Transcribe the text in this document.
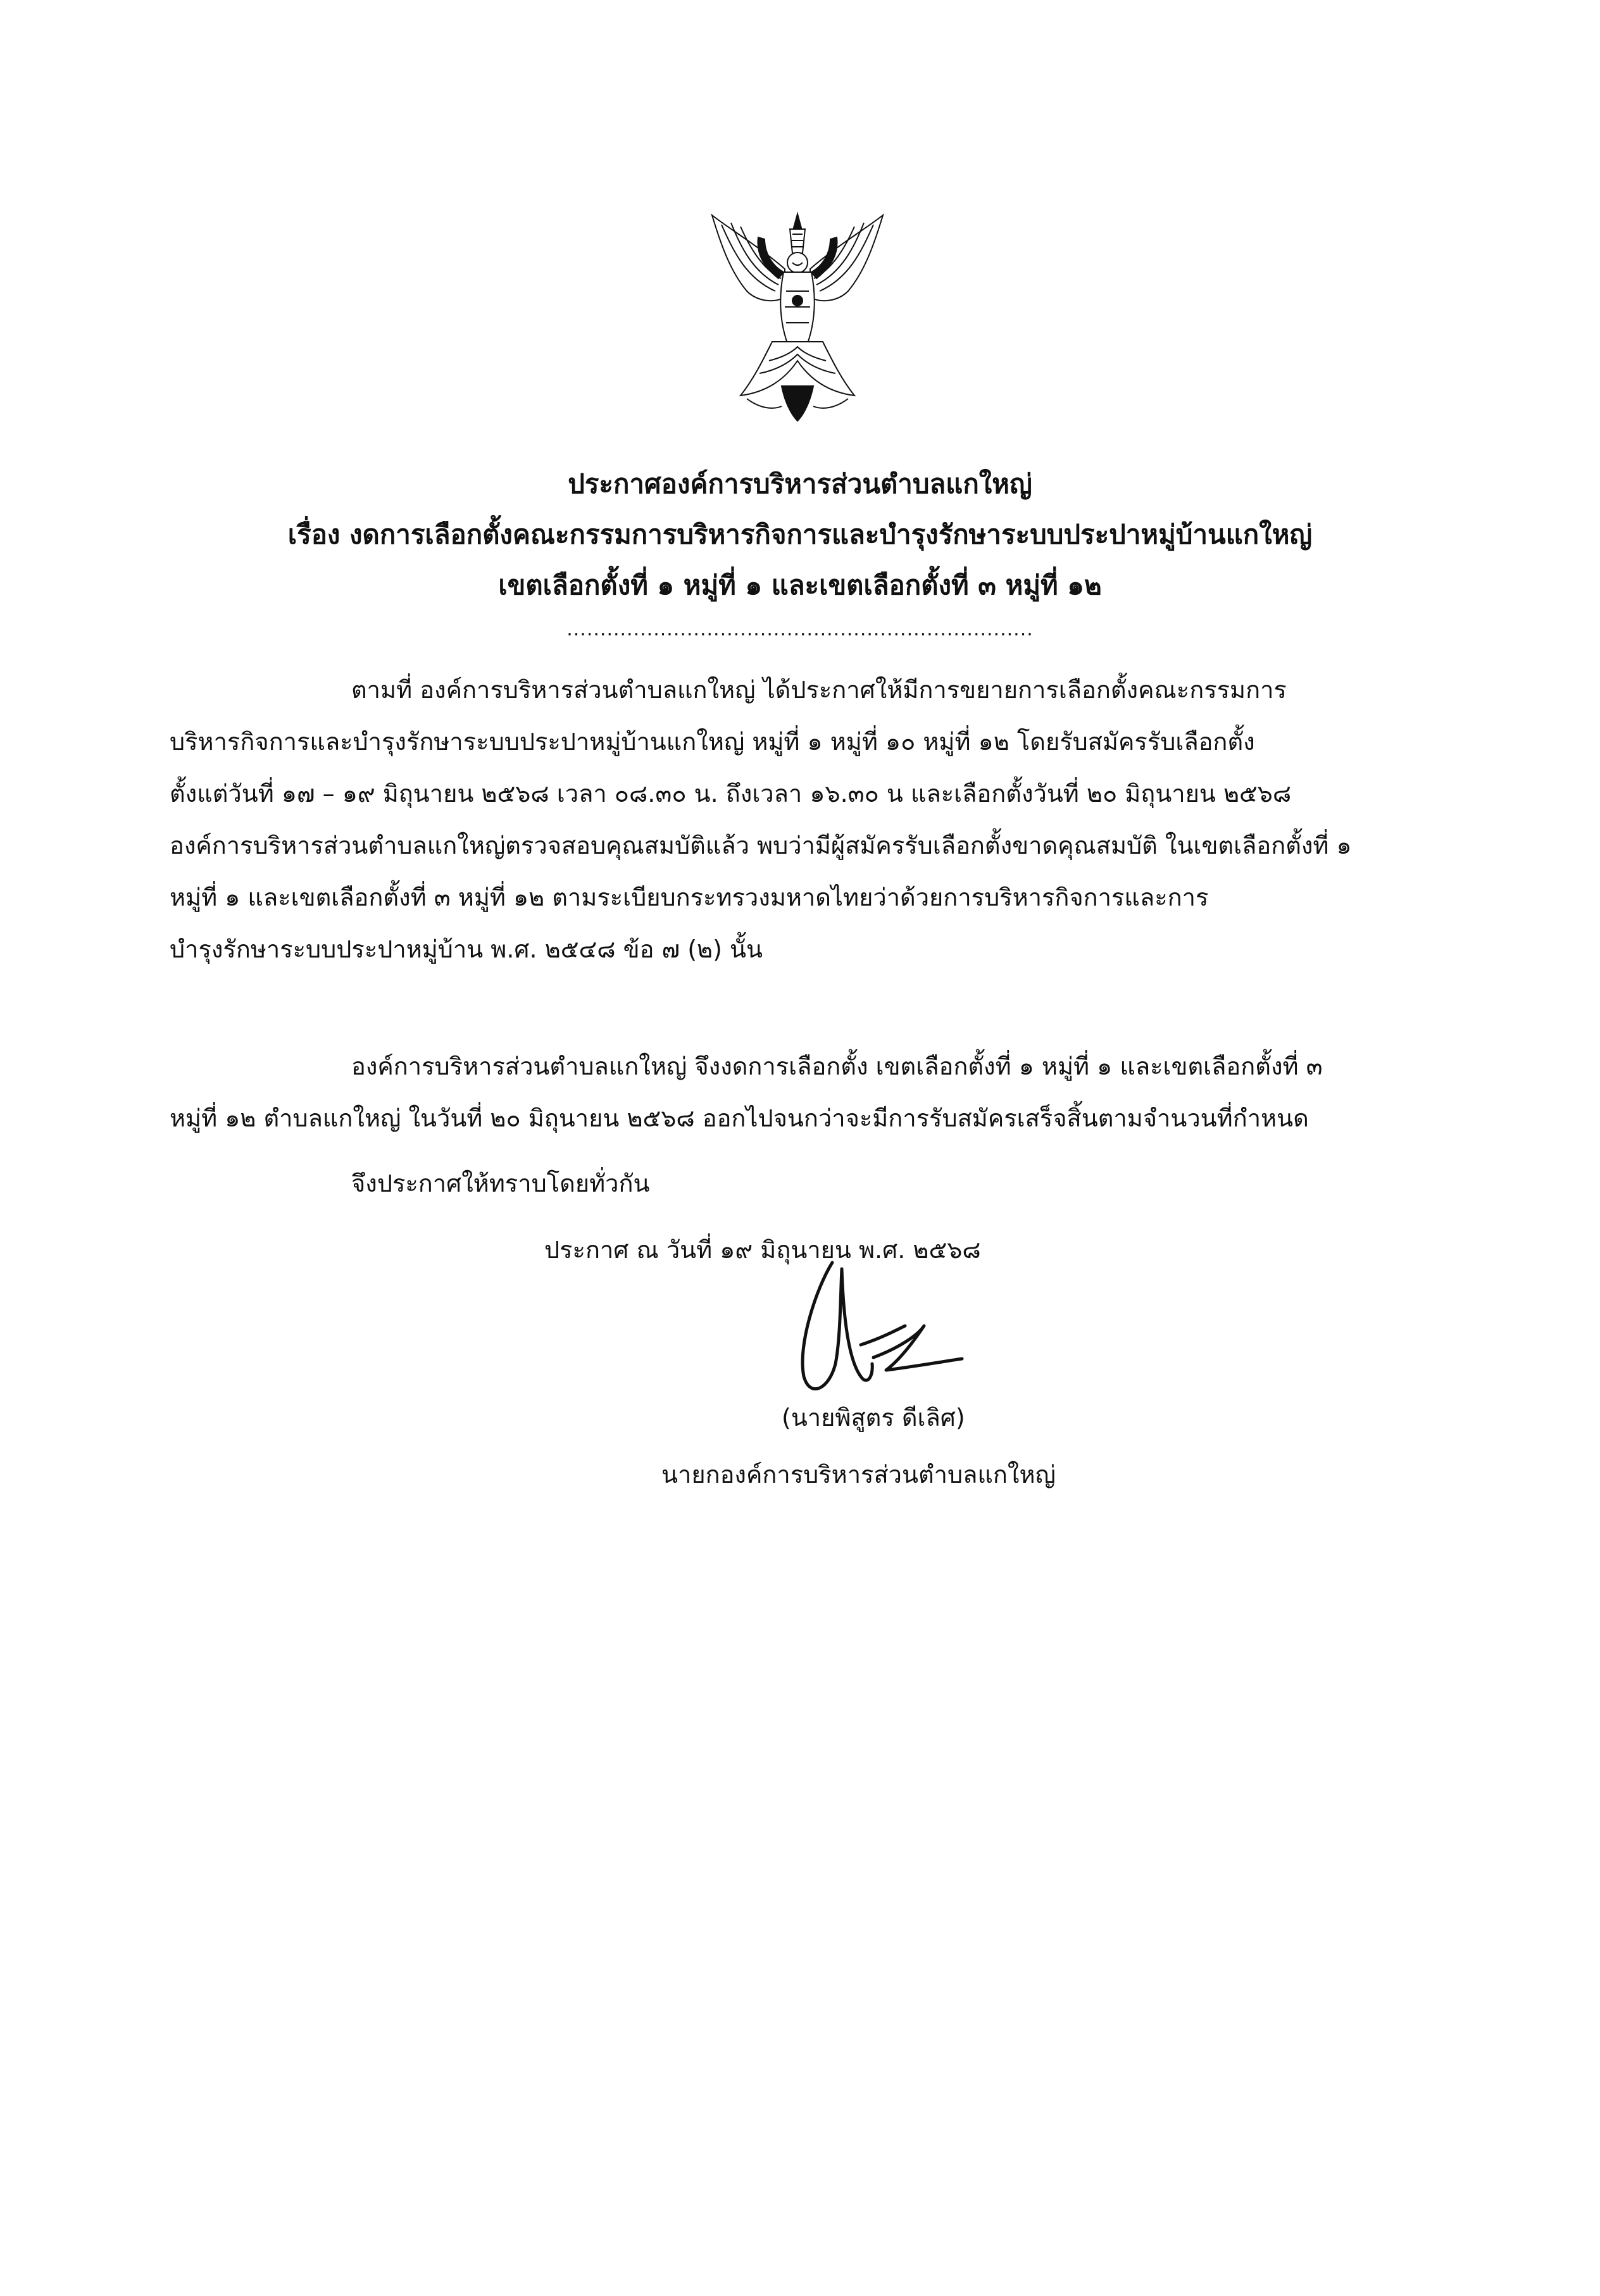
ประกาศองค์การบริหารส่วนตำบลแกใหญ่
เรื่อง งดการเลือกตั้งคณะกรรมการบริหารกิจการและบำรุงรักษาระบบประปาหมู่บ้านแกใหญ่
เขตเลือกตั้งที่ ๑ หมู่ที่ ๑ และเขตเลือกตั้งที่ ๓ หมู่ที่ ๑๒
......................................................................
ตามที่ องค์การบริหารส่วนตำบลแกใหญ่ ได้ประกาศให้มีการขยายการเลือกตั้งคณะกรรมการ
บริหารกิจการและบำรุงรักษาระบบประปาหมู่บ้านแกใหญ่ หมู่ที่ ๑ หมู่ที่ ๑๐ หมู่ที่ ๑๒ โดยรับสมัครรับเลือกตั้ง
ตั้งแต่วันที่ ๑๗ – ๑๙ มิถุนายน ๒๕๖๘ เวลา ๐๘.๓๐ น. ถึงเวลา ๑๖.๓๐ น และเลือกตั้งวันที่ ๒๐ มิถุนายน ๒๕๖๘
องค์การบริหารส่วนตำบลแกใหญ่ตรวจสอบคุณสมบัติแล้ว พบว่ามีผู้สมัครรับเลือกตั้งขาดคุณสมบัติ ในเขตเลือกตั้งที่ ๑
หมู่ที่ ๑ และเขตเลือกตั้งที่ ๓ หมู่ที่ ๑๒ ตามระเบียบกระทรวงมหาดไทยว่าด้วยการบริหารกิจการและการ
บำรุงรักษาระบบประปาหมู่บ้าน พ.ศ. ๒๕๔๘ ข้อ ๗ (๒) นั้น
องค์การบริหารส่วนตำบลแกใหญ่ จึงงดการเลือกตั้ง เขตเลือกตั้งที่ ๑ หมู่ที่ ๑ และเขตเลือกตั้งที่ ๓
หมู่ที่ ๑๒ ตำบลแกใหญ่ ในวันที่ ๒๐ มิถุนายน ๒๕๖๘ ออกไปจนกว่าจะมีการรับสมัครเสร็จสิ้นตามจำนวนที่กำหนด
จึงประกาศให้ทราบโดยทั่วกัน
ประกาศ ณ วันที่ ๑๙ มิถุนายน พ.ศ. ๒๕๖๘
(นายพิสูตร ดีเลิศ)
นายกองค์การบริหารส่วนตำบลแกใหญ่
